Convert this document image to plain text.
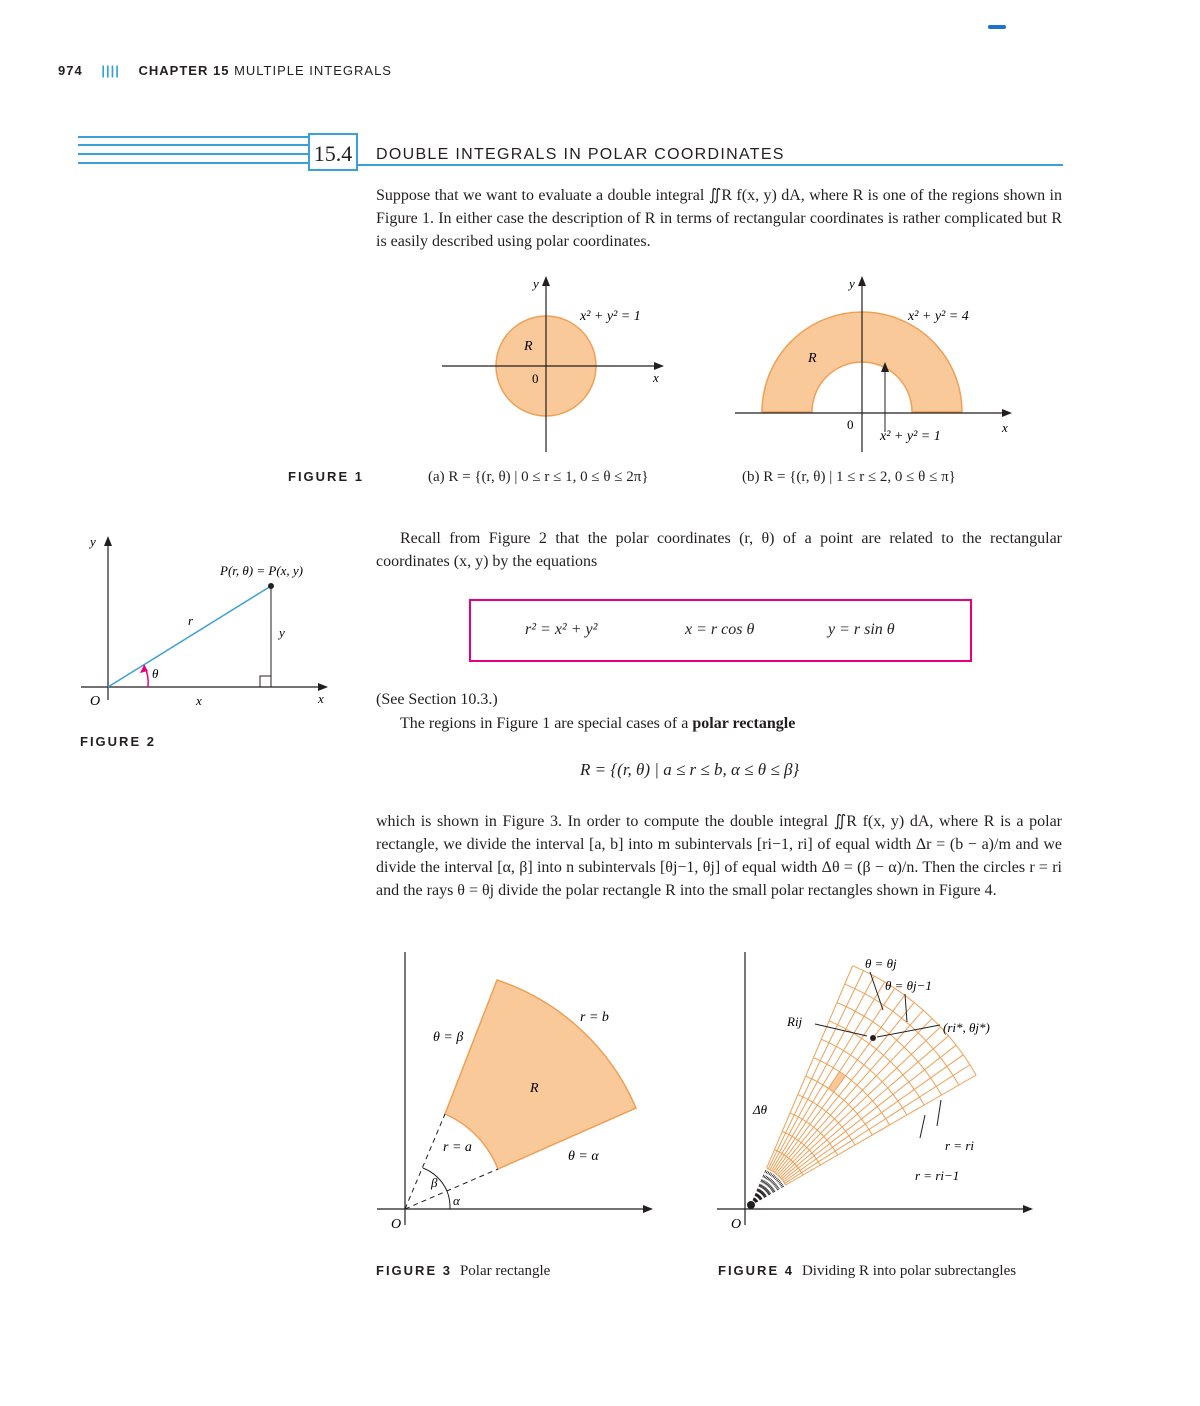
974 |||| CHAPTER 15 MULTIPLE INTEGRALS
15.4	DOUBLE INTEGRALS IN POLAR COORDINATES
Suppose that we want to evaluate a double integral ∬R f(x, y) dA, where R is one of the regions shown in Figure 1. In either case the description of R in terms of rectangular coordinates is rather complicated but R is easily described using polar coordinates.
y
x
R
0
x² + y² = 1
y
x
R
0
x² + y² = 4
x² + y² = 1
FIGURE 1	(a) R = {(r, θ) | 0 ≤ r ≤ 1, 0 ≤ θ ≤ 2π}	(b) R = {(r, θ) | 1 ≤ r ≤ 2, 0 ≤ θ ≤ π}
y
x
O	x
y
r
θ
P(r, θ) = P(x, y)
FIGURE 2
Recall from Figure 2 that the polar coordinates (r, θ) of a point are related to the rectangular coordinates (x, y) by the equations
r² = x² + y²	x = r cos θ	y = r sin θ
(See Section 10.3.)
The regions in Figure 1 are special cases of a polar rectangle
R = {(r, θ) | a ≤ r ≤ b, α ≤ θ ≤ β}
which is shown in Figure 3. In order to compute the double integral ∬R f(x, y) dA, where R is a polar rectangle, we divide the interval [a, b] into m subintervals [ri−1, ri] of equal width Δr = (b − a)/m and we divide the interval [α, β] into n subintervals [θj−1, θj] of equal width Δθ = (β − α)/n. Then the circles r = ri and the rays θ = θj divide the polar rectangle R into the small polar rectangles shown in Figure 4.
R
θ = β
r = b
r = a
θ = α
β
α
O
FIGURE 3 Polar rectangle
θ = θj
θ = θj−1
Rij	(ri*, θj*)
Δθ
r = ri
r = ri−1
O
FIGURE 4 Dividing R into polar subrectangles
